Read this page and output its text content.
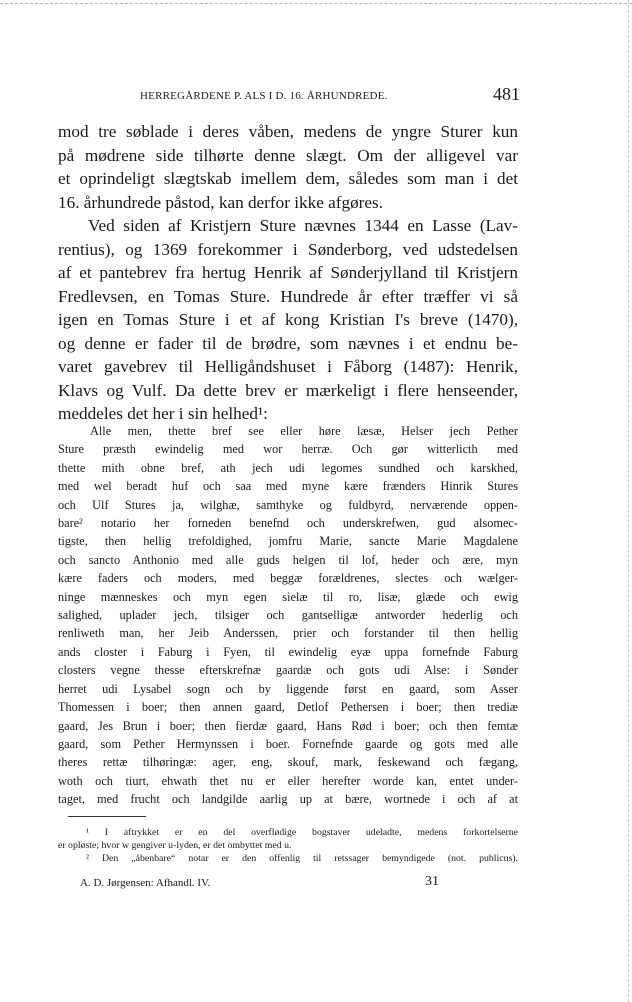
HERREGÅRDENE P. ALS I D. 16. ÅRHUNDREDE.	481
mod tre søblade i deres våben, medens de yngre Sturer kun
på mødrene side tilhørte denne slægt. Om der alligevel var
et oprindeligt slægtskab imellem dem, således som man i det
16. århundrede påstod, kan derfor ikke afgøres.
Ved siden af Kristjern Sture nævnes 1344 en Lasse (Lav-
rentius), og 1369 forekommer i Sønderborg, ved udstedelsen
af et pantebrev fra hertug Henrik af Sønderjylland til Kristjern
Fredlevsen, en Tomas Sture. Hundrede år efter træffer vi så
igen en Tomas Sture i et af kong Kristian I's breve (1470),
og denne er fader til de brødre, som nævnes i et endnu be-
varet gavebrev til Helligåndshuset i Fåborg (1487): Henrik,
Klavs og Vulf. Da dette brev er mærkeligt i flere henseender,
meddeles det her i sin helhed¹:
Alle men, thette bref see eller høre læsæ, Helser jech Pether
Sture præsth ewindelig med wor herræ. Och gør witterlicth med
thette mith obne bref, ath jech udi legomes sundhed och karskhed,
med wel beradt huf och saa med myne kære frænders Hinrik Stures
och Ulf Stures ja, wilghæ, samthyke og fuldbyrd, nerværende oppen-
bare² notario her forneden benefnd och underskrefwen, gud alsomec-
tigste, then hellig trefoldighed, jomfru Marie, sancte Marie Magdalene
och sancto Anthonio med alle guds helgen til lof, heder och ære, myn
kære faders och moders, med beggæ forældrenes, slectes och wælger-
ninge mænneskes och myn egen sielæ til ro, lisæ, glæde och ewig
salighed, uplader jech, tilsiger och gantselligæ antworder hederlig och
renliweth man, her Jeib Anderssen, prier och forstander til then hellig
ands closter i Faburg i Fyen, til ewindelig eyæ uppa fornefnde Faburg
closters vegne thesse efterskrefnæ gaardæ och gots udi Alse: i Sønder
herret udi Lysabel sogn och by liggende først en gaard, som Asser
Thomessen i boer; then annen gaard, Detlof Pethersen i boer; then trediæ
gaard, Jes Brun i boer; then fierdæ gaard, Hans Rød i boer; och then femtæ
gaard, som Pether Hermynssen i boer. Fornefnde gaarde og gots med alle
theres rettæ tilhøringæ: ager, eng, skouf, mark, feskewand och fægang,
woth och tiurt, ehwath thet nu er eller herefter worde kan, entet under-
taget, med frucht och landgilde aarlig up at bære, wortnede i och af at
¹ I aftrykket er en del overflødige bogstaver udeladte, medens forkortelserne
er opløste; hvor w gengiver u-lyden, er det ombyttet med u.
² Den „åbenbare“ notar er den offenlig til retssager bemyndigede (not. publicus).
A. D. Jørgensen: Afhandl. IV.	31
